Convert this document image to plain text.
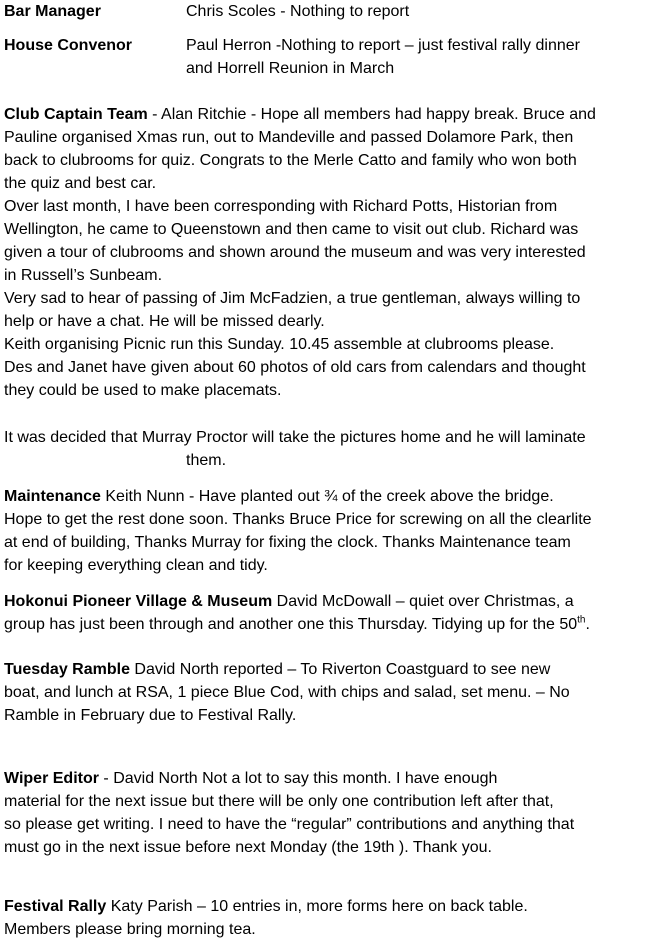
Bar Manager	Chris Scoles - Nothing to report
House Convenor	Paul Herron -Nothing to report – just festival rally dinner
and Horrell Reunion in March
Club Captain Team - Alan Ritchie - Hope all members had happy break. Bruce and
Pauline organised Xmas run, out to Mandeville and passed Dolamore Park, then
back to clubrooms for quiz. Congrats to the Merle Catto and family who won both
the quiz and best car.
Over last month, I have been corresponding with Richard Potts, Historian from
Wellington, he came to Queenstown and then came to visit out club. Richard was
given a tour of clubrooms and shown around the museum and was very interested
in Russell’s Sunbeam.
Very sad to hear of passing of Jim McFadzien, a true gentleman, always willing to
help or have a chat. He will be missed dearly.
Keith organising Picnic run this Sunday. 10.45 assemble at clubrooms please.
Des and Janet have given about 60 photos of old cars from calendars and thought
they could be used to make placemats.
It was decided that Murray Proctor will take the pictures home and he will laminate
them.
Maintenance Keith Nunn - Have planted out ¾ of the creek above the bridge.
Hope to get the rest done soon. Thanks Bruce Price for screwing on all the clearlite
at end of building, Thanks Murray for fixing the clock. Thanks Maintenance team
for keeping everything clean and tidy.
Hokonui Pioneer Village & Museum David McDowall – quiet over Christmas, a
group has just been through and another one this Thursday. Tidying up for the 50th.
Tuesday Ramble David North reported – To Riverton Coastguard to see new
boat, and lunch at RSA, 1 piece Blue Cod, with chips and salad, set menu. – No
Ramble in February due to Festival Rally.
Wiper Editor - David North Not a lot to say this month. I have enough
material for the next issue but there will be only one contribution left after that,
so please get writing. I need to have the “regular” contributions and anything that
must go in the next issue before next Monday (the 19th ). Thank you.
Festival Rally Katy Parish – 10 entries in, more forms here on back table.
Members please bring morning tea.
